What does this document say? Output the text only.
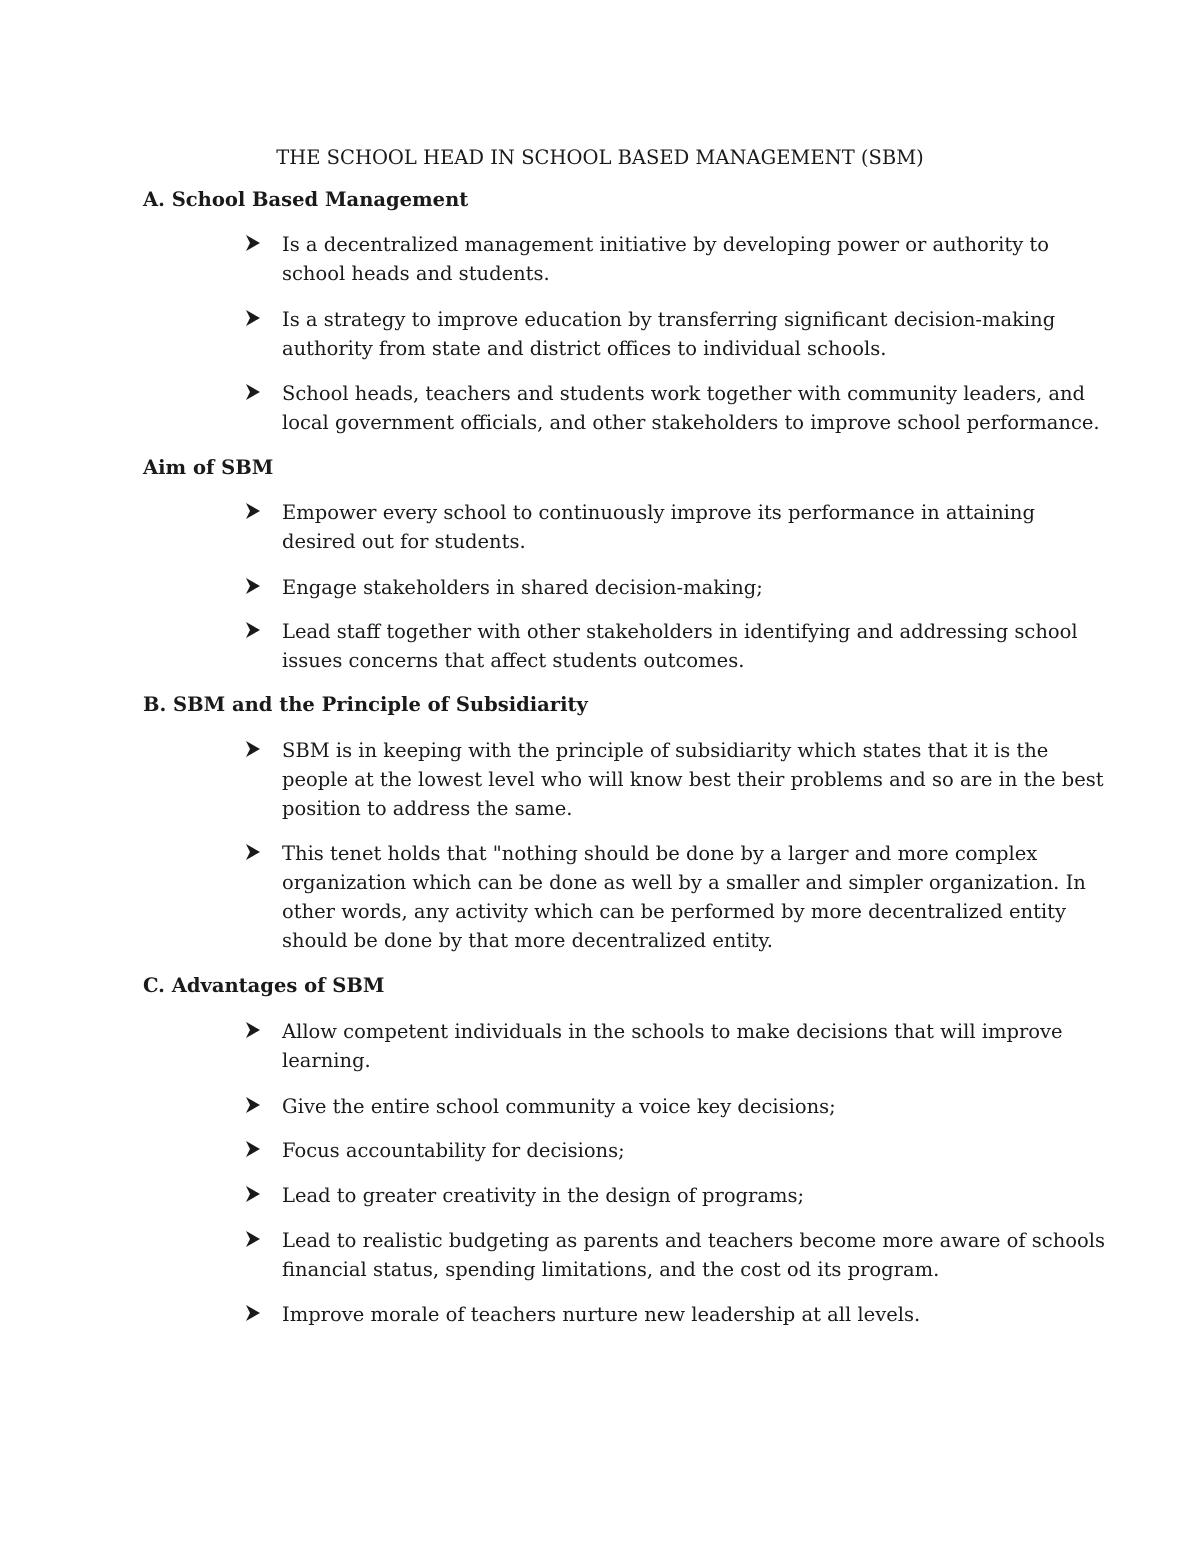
THE SCHOOL HEAD IN SCHOOL BASED MANAGEMENT (SBM)
A. School Based Management
Is a decentralized management initiative by developing power or authority to
school heads and students.
Is a strategy to improve education by transferring significant decision-making
authority from state and district offices to individual schools.
School heads, teachers and students work together with community leaders, and
local government officials, and other stakeholders to improve school performance.
Aim of SBM
Empower every school to continuously improve its performance in attaining
desired out for students.
Engage stakeholders in shared decision-making;
Lead staff together with other stakeholders in identifying and addressing school
issues concerns that affect students outcomes.
B. SBM and the Principle of Subsidiarity
SBM is in keeping with the principle of subsidiarity which states that it is the
people at the lowest level who will know best their problems and so are in the best
position to address the same.
This tenet holds that "nothing should be done by a larger and more complex
organization which can be done as well by a smaller and simpler organization. In
other words, any activity which can be performed by more decentralized entity
should be done by that more decentralized entity.
C. Advantages of SBM
Allow competent individuals in the schools to make decisions that will improve
learning.
Give the entire school community a voice key decisions;
Focus accountability for decisions;
Lead to greater creativity in the design of programs;
Lead to realistic budgeting as parents and teachers become more aware of schools
financial status, spending limitations, and the cost od its program.
Improve morale of teachers nurture new leadership at all levels.
